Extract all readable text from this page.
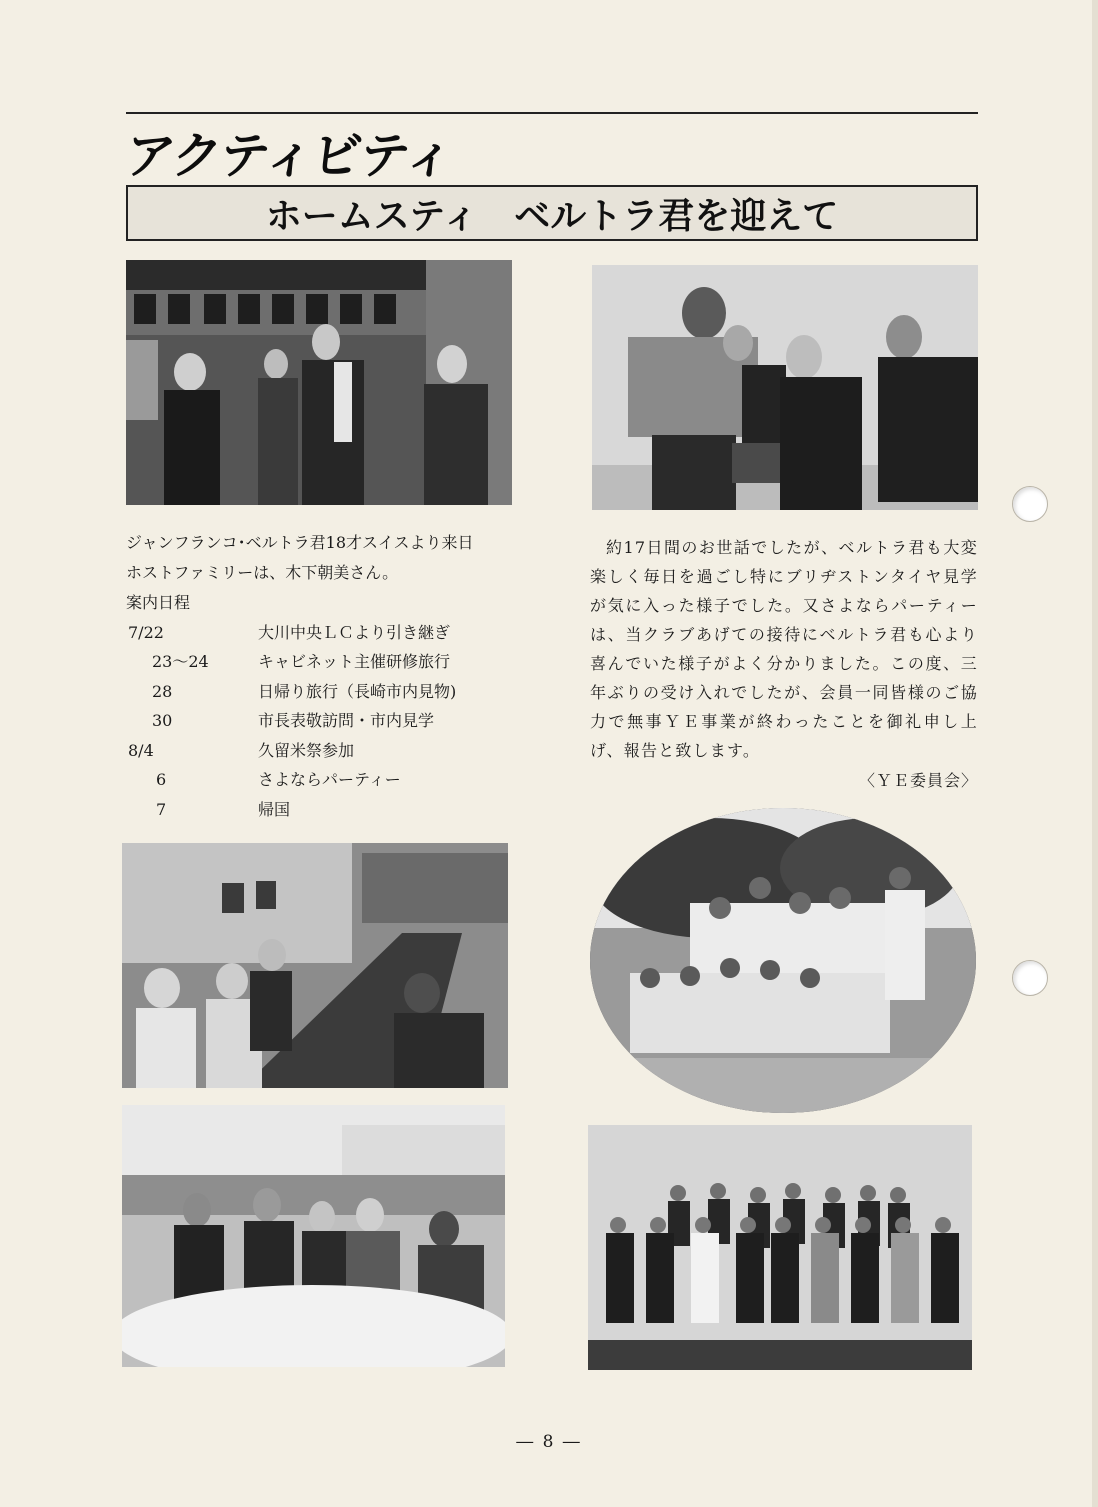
アクティビティ
ホームスティ　ベルトラ君を迎えて

ジャンフランコ･ベルトラ君18才スイスより来日

ホストファミリーは、木下朝美さん。

案内日程

7/22	大川中央ＬＣより引き継ぎ
23～24	キャビネット主催研修旅行
28	日帰り旅行（長崎市内見物)
30	市長表敬訪問・市内見学
8/4	久留米祭参加
6	さよならパーティー
7	帰国

約17日間のお世話でしたが、ベルトラ君も大変楽しく毎日を過ごし特にブリヂストンタイヤ見学が気に入った様子でした。又さよならパーティーは、当クラブあげての接待にベルトラ君も心より喜んでいた様子がよく分かりました。この度、三年ぶりの受け入れでしたが、会員一同皆様のご協力で無事ＹＥ事業が終わったことを御礼申し上げ、報告と致します。

〈ＹＥ委員会〉
― 8 ―
